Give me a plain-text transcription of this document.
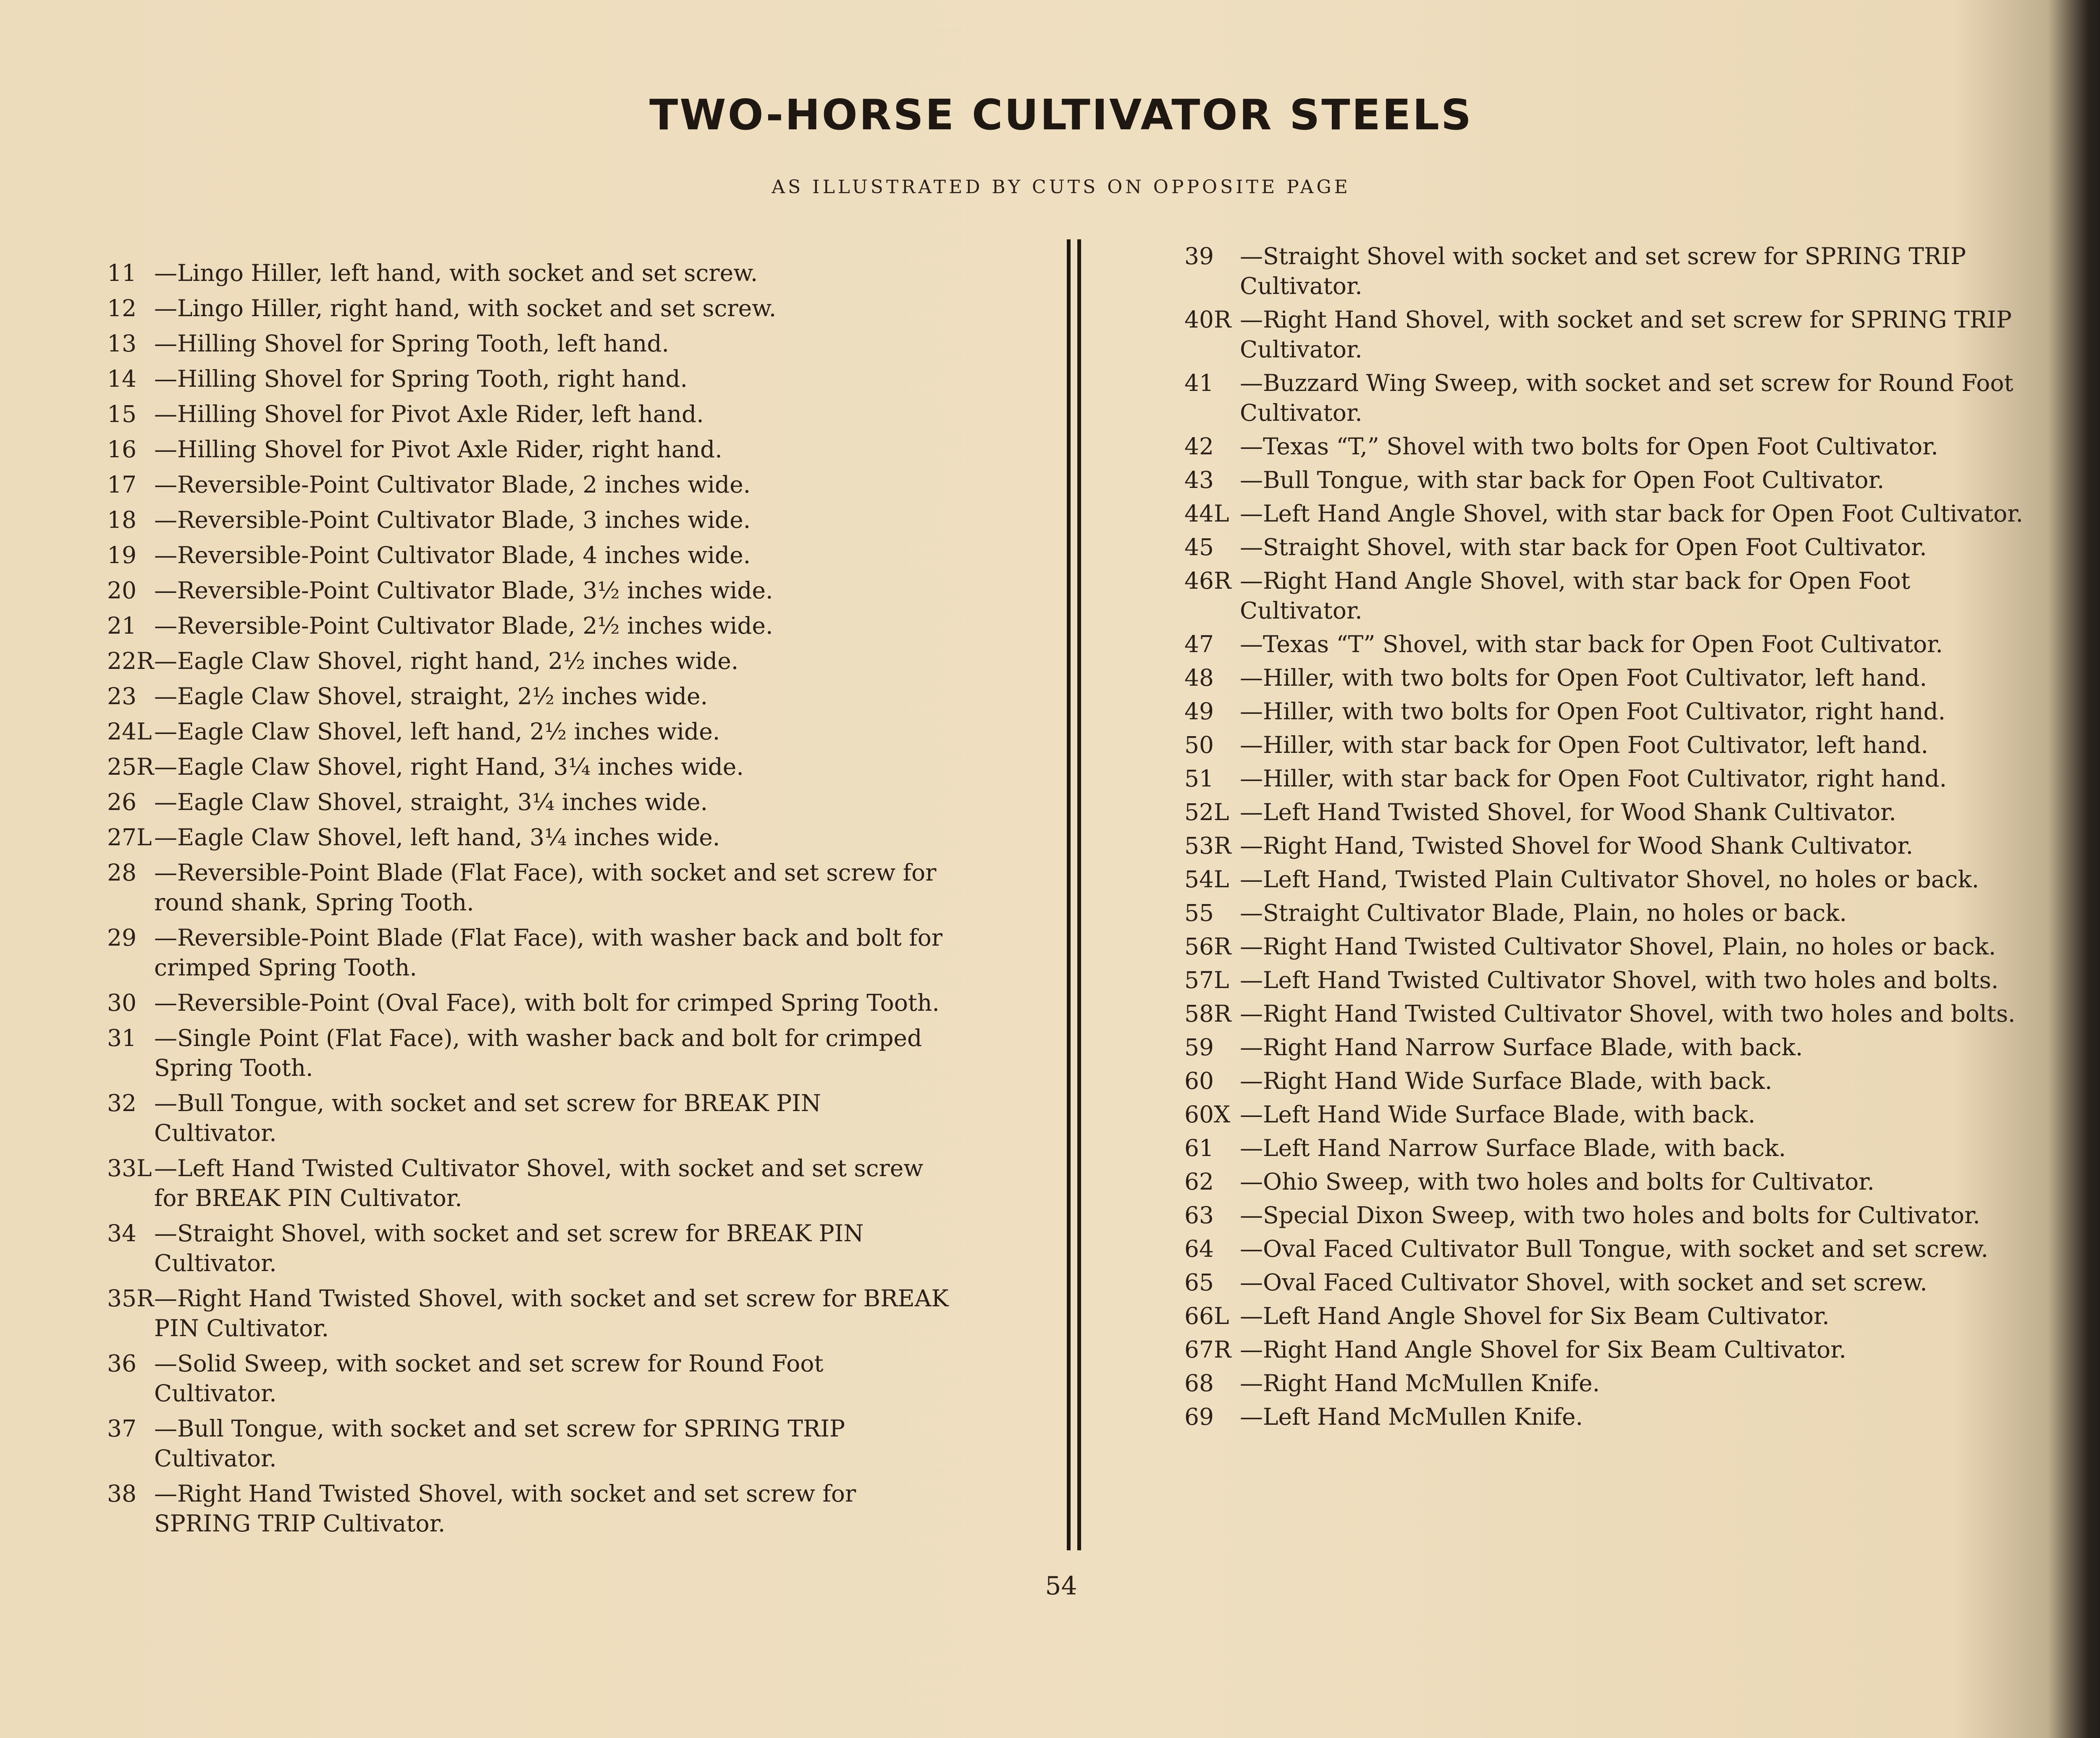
TWO-HORSE CULTIVATOR STEELS
AS ILLUSTRATED BY CUTS ON OPPOSITE PAGE
11 —Lingo Hiller, left hand, with socket and set screw.
12 —Lingo Hiller, right hand, with socket and set screw.
13 —Hilling Shovel for Spring Tooth, left hand.
14 —Hilling Shovel for Spring Tooth, right hand.
15 —Hilling Shovel for Pivot Axle Rider, left hand.
16 —Hilling Shovel for Pivot Axle Rider, right hand.
17 —Reversible-Point Cultivator Blade, 2 inches wide.
18 —Reversible-Point Cultivator Blade, 3 inches wide.
19 —Reversible-Point Cultivator Blade, 4 inches wide.
20 —Reversible-Point Cultivator Blade, 3½ inches wide.
21 —Reversible-Point Cultivator Blade, 2½ inches wide.
22R —Eagle Claw Shovel, right hand, 2½ inches wide.
23 —Eagle Claw Shovel, straight, 2½ inches wide.
24L —Eagle Claw Shovel, left hand, 2½ inches wide.
25R —Eagle Claw Shovel, right Hand, 3¼ inches wide.
26 —Eagle Claw Shovel, straight, 3¼ inches wide.
27L —Eagle Claw Shovel, left hand, 3¼ inches wide.
28 —Reversible-Point Blade (Flat Face), with socket and set screw for round shank, Spring Tooth.
29 —Reversible-Point Blade (Flat Face), with washer back and bolt for crimped Spring Tooth.
30 —Reversible-Point (Oval Face), with bolt for crimped Spring Tooth.
31 —Single Point (Flat Face), with washer back and bolt for crimped Spring Tooth.
32 —Bull Tongue, with socket and set screw for BREAK PIN Cultivator.
33L —Left Hand Twisted Cultivator Shovel, with socket and set screw for BREAK PIN Cultivator.
34 —Straight Shovel, with socket and set screw for BREAK PIN Cultivator.
35R —Right Hand Twisted Shovel, with socket and set screw for BREAK PIN Cultivator.
36 —Solid Sweep, with socket and set screw for Round Foot Cultivator.
37 —Bull Tongue, with socket and set screw for SPRING TRIP Cultivator.
38 —Right Hand Twisted Shovel, with socket and set screw for SPRING TRIP Cultivator.
39	—Straight Shovel with socket and set screw for SPRING TRIP Cultivator.
40R —Right Hand Shovel, with socket and set screw for SPRING TRIP Cultivator.
41	—Buzzard Wing Sweep, with socket and set screw for Round Foot Cultivator.
42	—Texas “T,” Shovel with two bolts for Open Foot Cultivator.
43	—Bull Tongue, with star back for Open Foot Cultivator.
44L —Left Hand Angle Shovel, with star back for Open Foot Cultivator.
45	—Straight Shovel, with star back for Open Foot Cultivator.
46R —Right Hand Angle Shovel, with star back for Open Foot Cultivator.
47	—Texas “T” Shovel, with star back for Open Foot Cultivator.
48	—Hiller, with two bolts for Open Foot Cultivator, left hand.
49	—Hiller, with two bolts for Open Foot Cultivator, right hand.
50	—Hiller, with star back for Open Foot Cultivator, left hand.
51	—Hiller, with star back for Open Foot Cultivator, right hand.
52L —Left Hand Twisted Shovel, for Wood Shank Cultivator.
53R —Right Hand, Twisted Shovel for Wood Shank Cultivator.
54L —Left Hand, Twisted Plain Cultivator Shovel, no holes or back.
55	—Straight Cultivator Blade, Plain, no holes or back.
56R —Right Hand Twisted Cultivator Shovel, Plain, no holes or back.
57L —Left Hand Twisted Cultivator Shovel, with two holes and bolts.
58R —Right Hand Twisted Cultivator Shovel, with two holes and bolts.
59	—Right Hand Narrow Surface Blade, with back.
60	—Right Hand Wide Surface Blade, with back.
60X —Left Hand Wide Surface Blade, with back.
61	—Left Hand Narrow Surface Blade, with back.
62	—Ohio Sweep, with two holes and bolts for Cultivator.
63	—Special Dixon Sweep, with two holes and bolts for Cultivator.
64	—Oval Faced Cultivator Bull Tongue, with socket and set screw.
65	—Oval Faced Cultivator Shovel, with socket and set screw.
66L —Left Hand Angle Shovel for Six Beam Cultivator.
67R —Right Hand Angle Shovel for Six Beam Cultivator.
68	—Right Hand McMullen Knife.
69	—Left Hand McMullen Knife.
54
